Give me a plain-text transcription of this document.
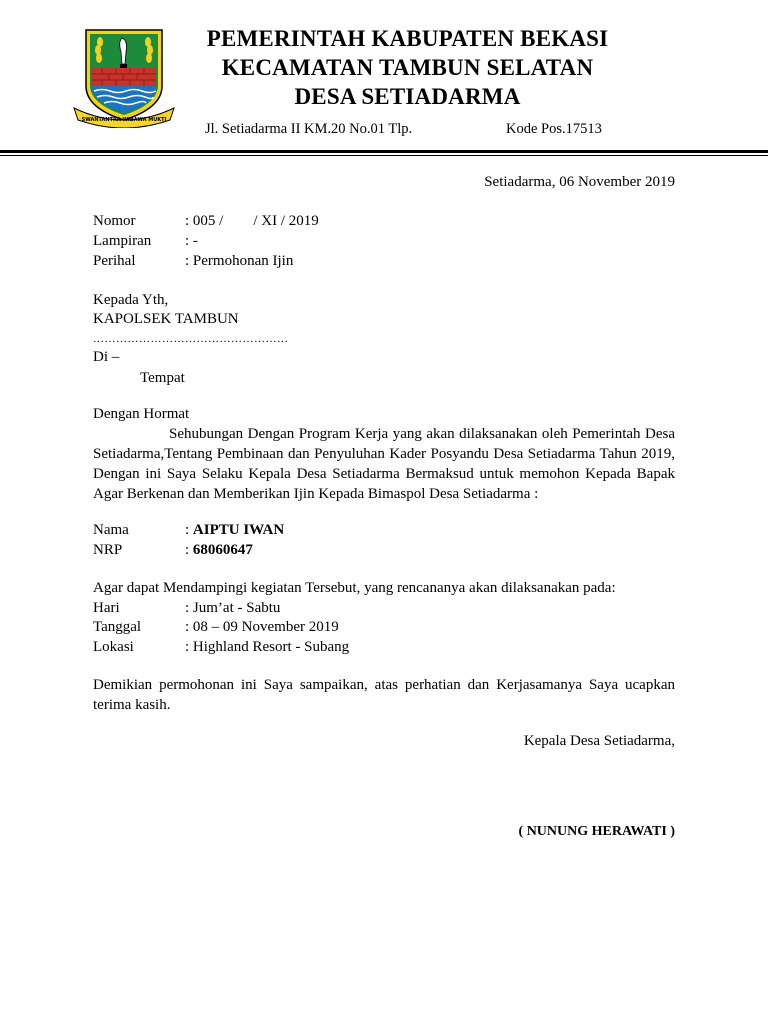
SWANTANTRA WIBAWA MUKTI
PEMERINTAH KABUPATEN BEKASI
KECAMATAN TAMBUN SELATAN
DESA SETIADARMA
Jl. Setiadarma II KM.20 No.01 Tlp.	Kode Pos.17513
Setiadarma, 06 November 2019
Nomor	: 005 /        / XI / 2019
Lampiran : -
Perihal	: Permohonan Ijin
Kepada Yth,
KAPOLSEK TAMBUN
……………………………………………
Di –
Tempat
Dengan Hormat
Sehubungan Dengan Program Kerja yang akan dilaksanakan oleh Pemerintah Desa Setiadarma,Tentang Pembinaan dan Penyuluhan Kader Posyandu Desa Setiadarma Tahun 2019, Dengan ini Saya Selaku Kepala Desa Setiadarma Bermaksud untuk memohon Kepada Bapak Agar Berkenan dan Memberikan Ijin Kepada Bimaspol Desa Setiadarma :
Nama	: AIPTU IWAN
NRP	: 68060647
Agar dapat Mendampingi kegiatan Tersebut, yang rencananya akan dilaksanakan pada:
Hari	: Jum’at - Sabtu
Tanggal	: 08 – 09 November 2019
Lokasi	: Highland Resort - Subang
Demikian permohonan ini Saya sampaikan, atas perhatian dan Kerjasamanya Saya ucapkan terima kasih.
Kepala Desa Setiadarma,
( NUNUNG HERAWATI )
